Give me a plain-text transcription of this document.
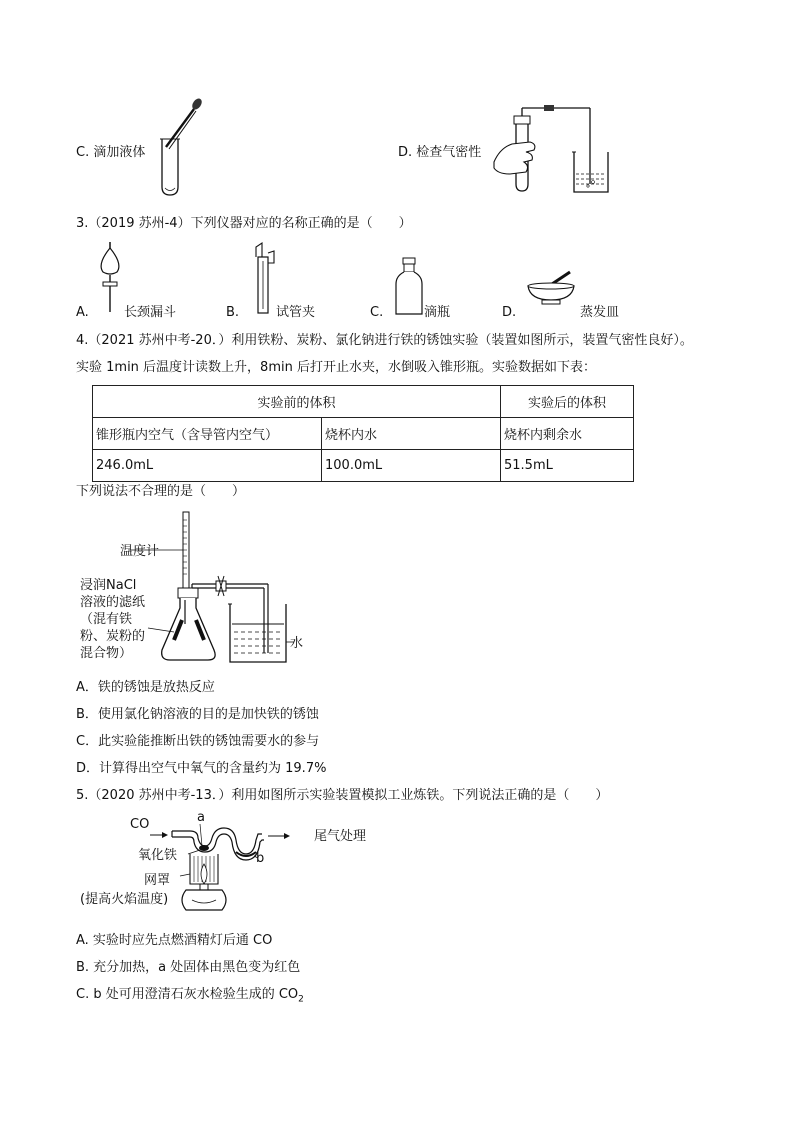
C. 滴加液体	D. 检查气密性
3.（2019 苏州-4）下列仪器对应的名称正确的是（　　）
A.	长颈漏斗	B.	试管夹	C.	滴瓶	D.	蒸发皿
4.（2021 苏州中考-20．）利用铁粉、炭粉、氯化钠进行铁的锈蚀实验（装置如图所示，装置气密性良好）。
实验 1min 后温度计读数上升，8min 后打开止水夹，水倒吸入锥形瓶。实验数据如下表：
实验前的体积		实验后的体积
锥形瓶内空气（含导管内空气）	烧杯内水	烧杯内剩余水
246.0mL	100.0mL	51.5mL
下列说法不合理的是（　　）
温度计
浸润NaCl
溶液的滤纸
（混有铁
粉、炭粉的
混合物）
水
A．铁的锈蚀是放热反应
B．使用氯化钠溶液的目的是加快铁的锈蚀
C．此实验能推断出铁的锈蚀需要水的参与
D．计算得出空气中氧气的含量约为 19.7%
5.（2020 苏州中考-13．）利用如图所示实验装置模拟工业炼铁。下列说法正确的是（　　）
CO	a
尾气处理
氧化铁	b
网罩
(提高火焰温度)
A. 实验时应先点燃酒精灯后通 CO
B. 充分加热，a 处固体由黑色变为红色
C. b 处可用澄清石灰水检验生成的 $CO_2$
